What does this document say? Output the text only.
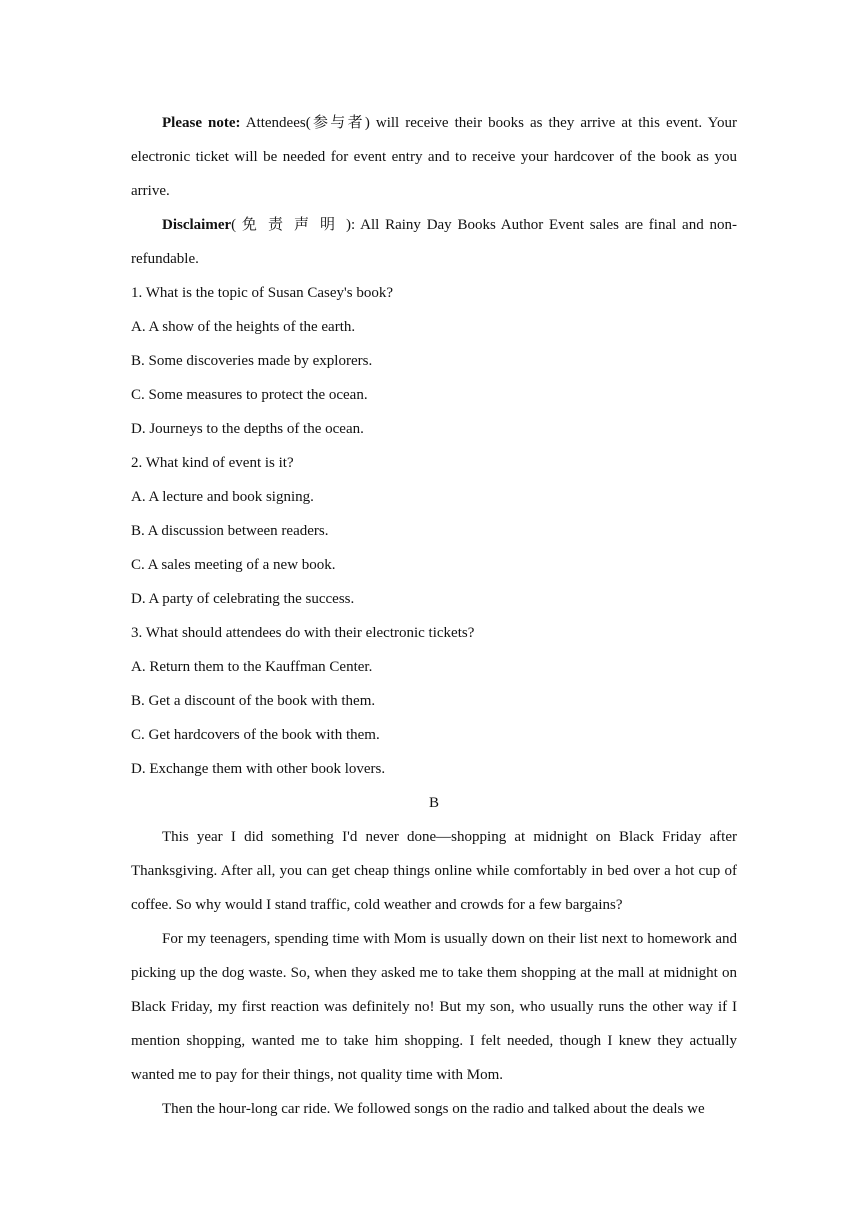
Please note: Attendees(参与者) will receive their books as they arrive at this event. Your electronic ticket will be needed for event entry and to receive your hardcover of the book as you arrive.

Disclaimer( 免责声明): All Rainy Day Books Author Event sales are final and non-refundable.

1. What is the topic of Susan Casey's book?

A. A show of the heights of the earth.

B. Some discoveries made by explorers.

C. Some measures to protect the ocean.

D. Journeys to the depths of the ocean.

2. What kind of event is it?

A. A lecture and book signing.

B. A discussion between readers.

C. A sales meeting of a new book.

D. A party of celebrating the success.

3. What should attendees do with their electronic tickets?

A. Return them to the Kauffman Center.

B. Get a discount of the book with them.

C. Get hardcovers of the book with them.

D. Exchange them with other book lovers.

B

This year I did something I'd never done—shopping at midnight on Black Friday after Thanksgiving. After all, you can get cheap things online while comfortably in bed over a hot cup of coffee. So why would I stand traffic, cold weather and crowds for a few bargains?

For my teenagers, spending time with Mom is usually down on their list next to homework and picking up the dog waste. So, when they asked me to take them shopping at the mall at midnight on Black Friday, my first reaction was definitely no! But my son, who usually runs the other way if I mention shopping, wanted me to take him shopping. I felt needed, though I knew they actually wanted me to pay for their things, not quality time with Mom.

Then the hour-long car ride. We followed songs on the radio and talked about the deals we
